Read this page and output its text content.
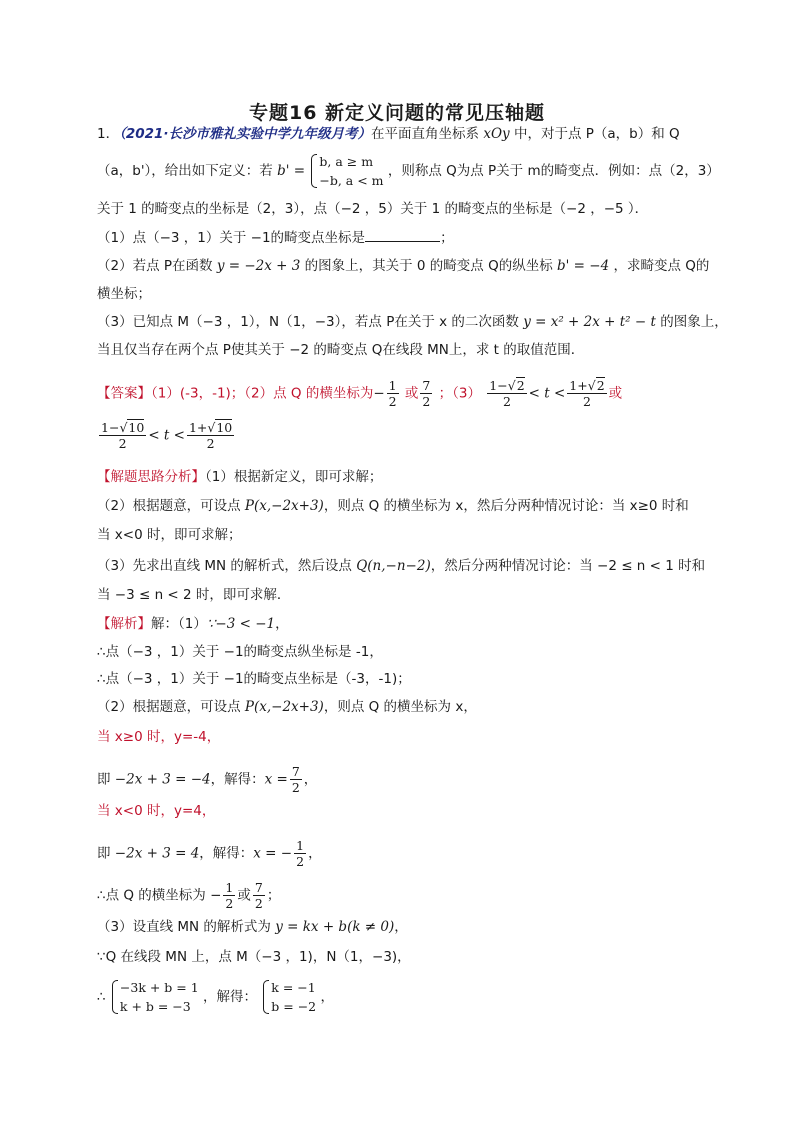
专题16 新定义问题的常见压轴题
1．（2021·长沙市雅礼实验中学九年级月考）在平面直角坐标系 xOy 中，对于点 P（a，b）和 Q
（a，b'），给出如下定义：若 b' =
b, a ≥ m
−b, a < m
，则称点 Q为点 P关于 m的畸变点．例如：点（2，3）
关于 1 的畸变点的坐标是（2，3），点（−2 ，5）关于 1 的畸变点的坐标是（−2 ，−5 ）．
（1）点（−3 ，1）关于 −1的畸变点坐标是	；
（2）若点 P在函数 y = −2x + 3 的图象上，其关于 0 的畸变点 Q的纵坐标 b' = −4 ，求畸变点 Q的
横坐标；
（3）已知点 M（−3 ，1），N（1，−3），若点 P在关于 x 的二次函数 y = x² + 2x + t² − t 的图象上，
当且仅当存在两个点 P使其关于 −2 的畸变点 Q在线段 MN上，求 t 的取值范围．
【答案】（1）(-3，-1)；（2）点 Q 的横坐标为− $\frac{1}{2}$ 或 $\frac{7}{2}$ ；$(3) \frac{1-√2}{2} < t < \frac{1+√2}{2}$ 或
$\frac{1-√10}{2} < t < \frac{1+√10}{2}$
【解题思路分析】（1）根据新定义，即可求解；
（2）根据题意，可设点 P(x,−2x+3)，则点 Q 的横坐标为 x，然后分两种情况讨论：当 x≥0 时和
当 x<0 时，即可求解；
（3）先求出直线 MN 的解析式，然后设点 Q(n,−n−2)，然后分两种情况讨论：当 −2 ≤ n < 1 时和
当 −3 ≤ n < 2 时，即可求解．
【解析】解：（1）∵−3 < −1，
∴点（−3 ，1）关于 −1的畸变点纵坐标是 -1，
∴点（−3 ，1）关于 −1的畸变点坐标是（-3，-1)；
（2）根据题意，可设点 P(x,−2x+3)，则点 Q 的横坐标为 x，
当 x≥0 时，y=-4，
即 −2x + 3 = −4，解得：$x = \frac{7}{2}$ ，
当 x<0 时，y=4，
即 −2x + 3 = 4，解得：x = − $\frac{1}{2}$ ，
∴点 Q 的横坐标为 − $\frac{1}{2}$ 或 $\frac{7}{2}$ ；
（3）设直线 MN 的解析式为 y = kx + b(k ≠ 0)，
∵Q 在线段 MN 上，点 M（−3 ，1)，N（1，−3)，
∴
−3k + b = 1
k + b = −3
，解得：
k = −1
b = −2
，
